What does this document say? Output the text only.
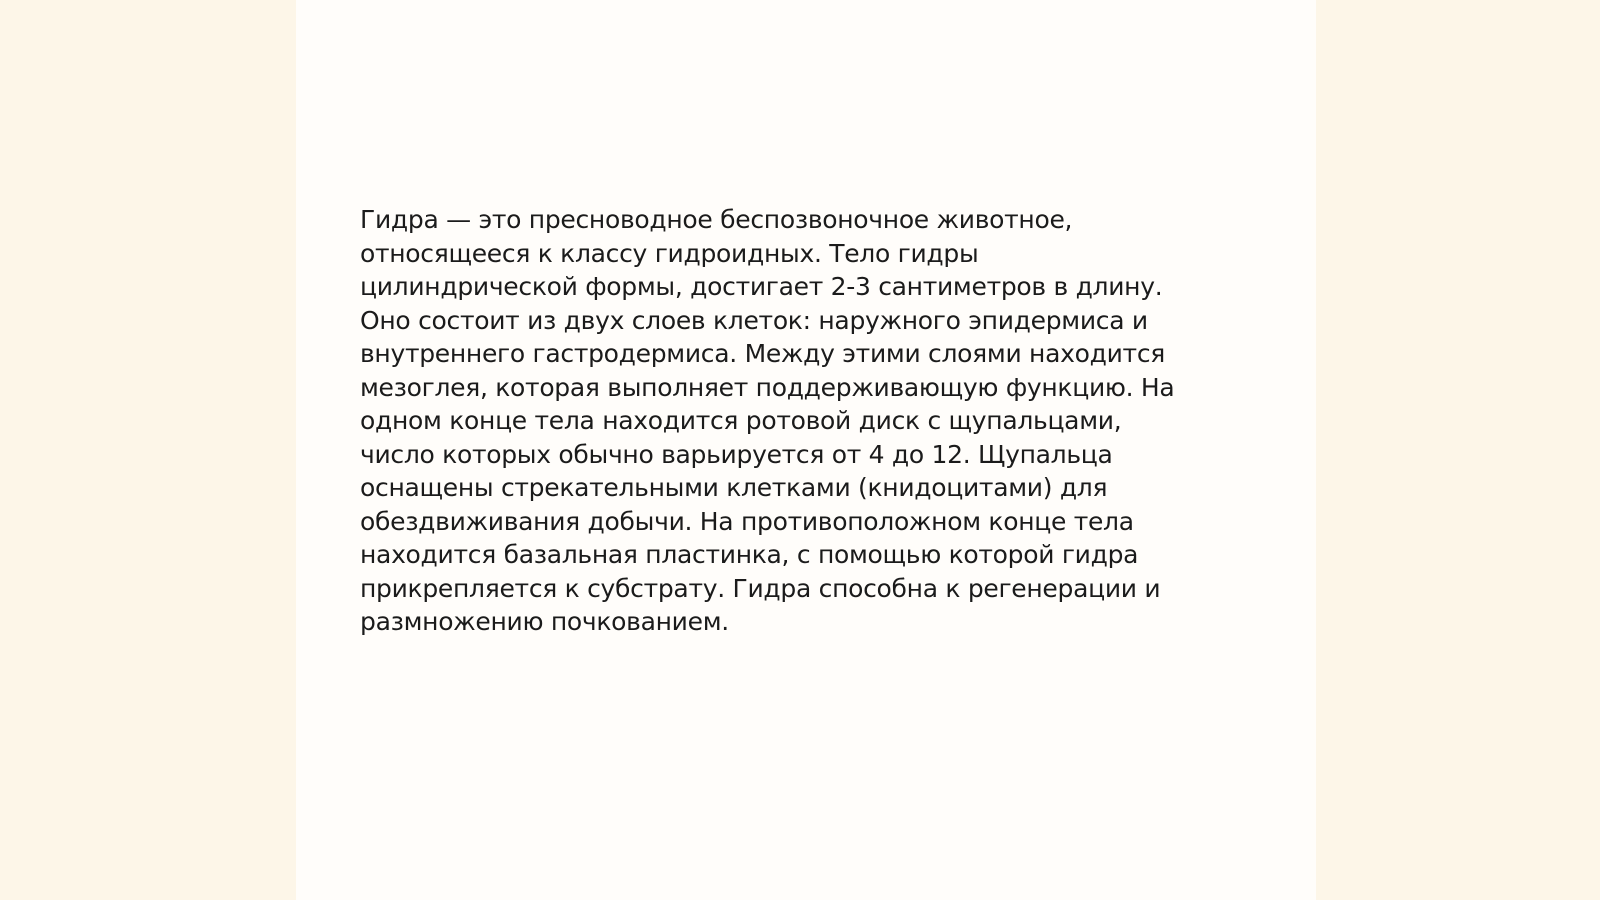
Гидра — это пресноводное беспозвоночное животное,
относящееся к классу гидроидных. Тело гидры
цилиндрической формы, достигает 2-3 сантиметров в длину.
Оно состоит из двух слоев клеток: наружного эпидермиса и
внутреннего гастродермиса. Между этими слоями находится
мезоглея, которая выполняет поддерживающую функцию. На
одном конце тела находится ротовой диск с щупальцами,
число которых обычно варьируется от 4 до 12. Щупальца
оснащены стрекательными клетками (книдоцитами) для
обездвиживания добычи. На противоположном конце тела
находится базальная пластинка, с помощью которой гидра
прикрепляется к субстрату. Гидра способна к регенерации и
размножению почкованием.
